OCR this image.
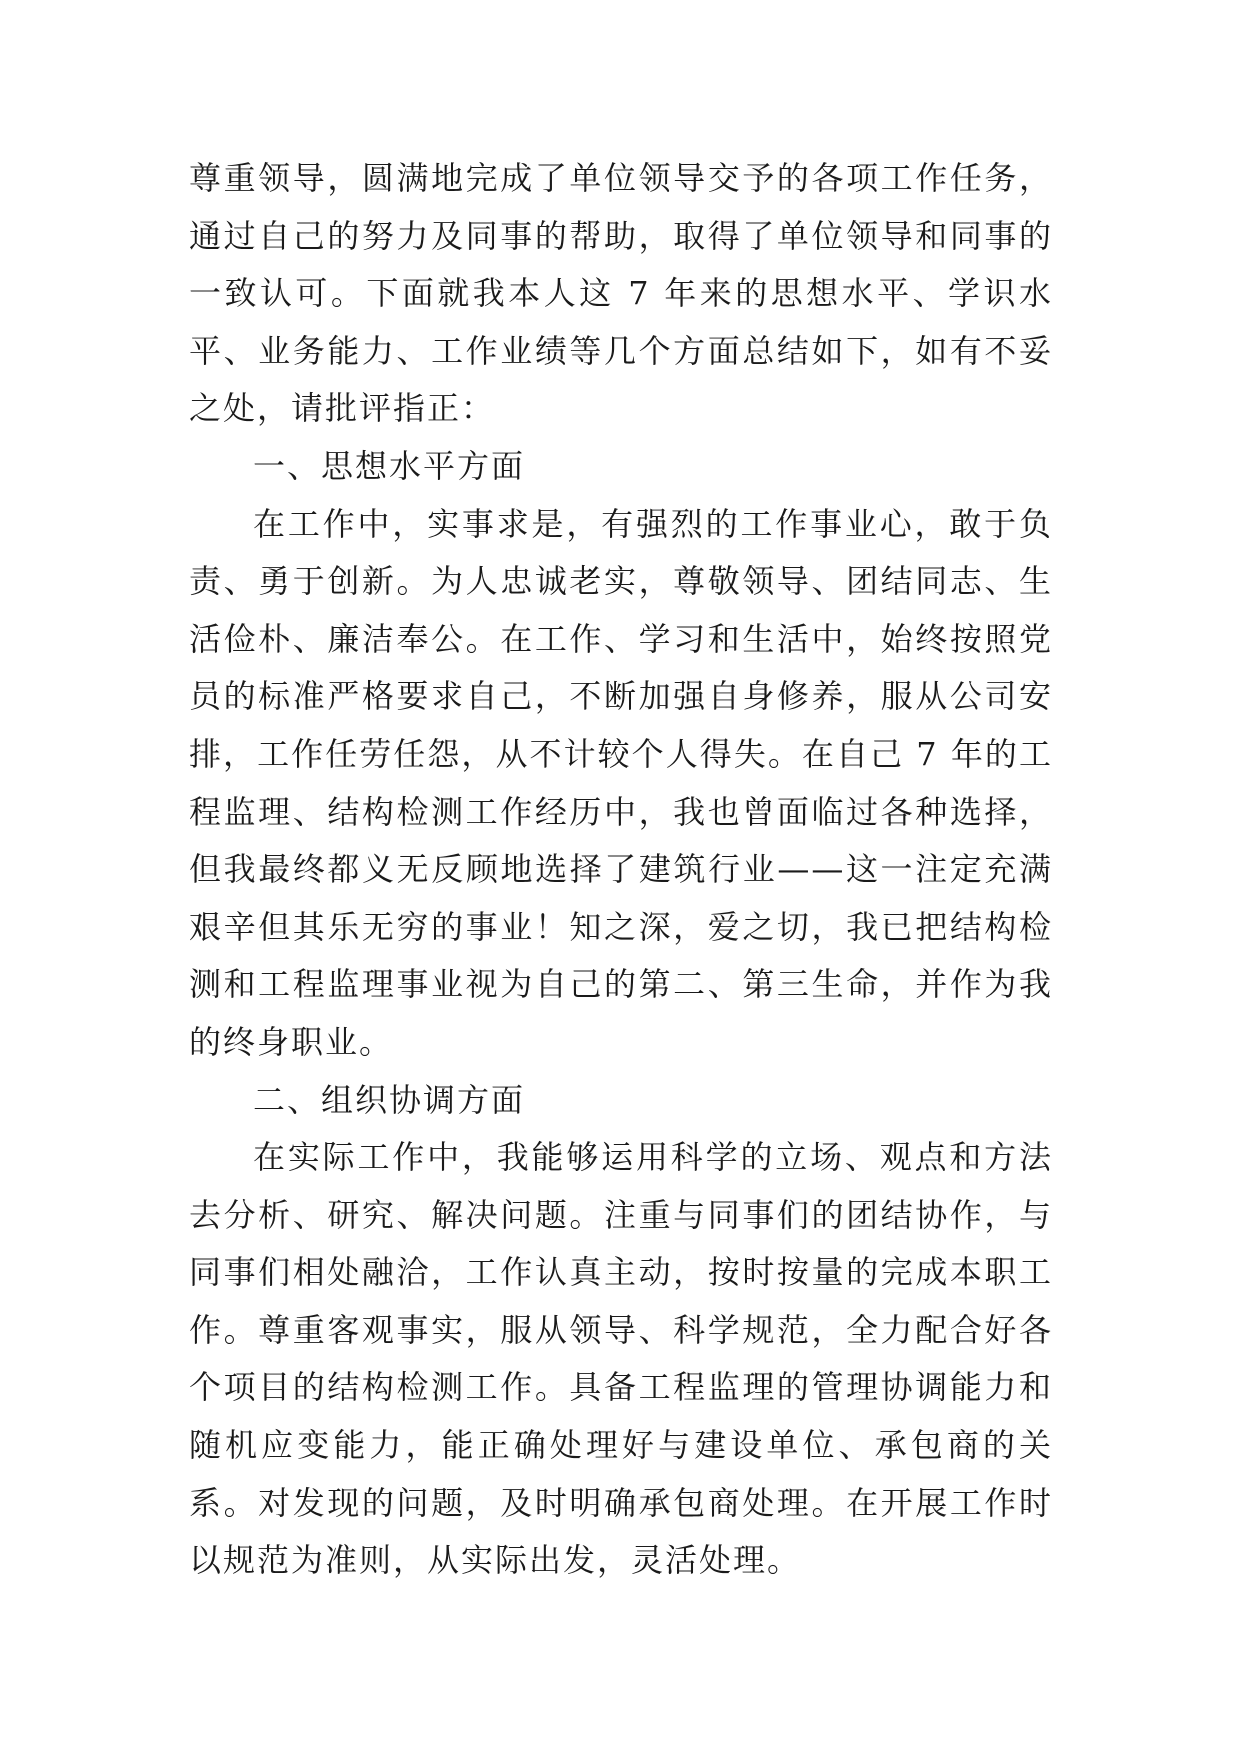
尊重领导，圆满地完成了单位领导交予的各项工作任务，通过自己的努力及同事的帮助，取得了单位领导和同事的一致认可。下面就我本人这 7 年来的思想水平、学识水平、业务能力、工作业绩等几个方面总结如下，如有不妥之处，请批评指正：

一、思想水平方面

在工作中，实事求是，有强烈的工作事业心，敢于负责、勇于创新。为人忠诚老实，尊敬领导、团结同志、生活俭朴、廉洁奉公。在工作、学习和生活中，始终按照党员的标准严格要求自己，不断加强自身修养，服从公司安排，工作任劳任怨，从不计较个人得失。在自己 7 年的工程监理、结构检测工作经历中，我也曾面临过各种选择，但我最终都义无反顾地选择了建筑行业——这一注定充满艰辛但其乐无穷的事业！知之深，爱之切，我已把结构检测和工程监理事业视为自己的第二、第三生命，并作为我的终身职业。

二、组织协调方面

在实际工作中，我能够运用科学的立场、观点和方法去分析、研究、解决问题。注重与同事们的团结协作，与同事们相处融洽，工作认真主动，按时按量的完成本职工作。尊重客观事实，服从领导、科学规范，全力配合好各个项目的结构检测工作。具备工程监理的管理协调能力和随机应变能力，能正确处理好与建设单位、承包商的关系。对发现的问题，及时明确承包商处理。在开展工作时以规范为准则，从实际出发，灵活处理。
